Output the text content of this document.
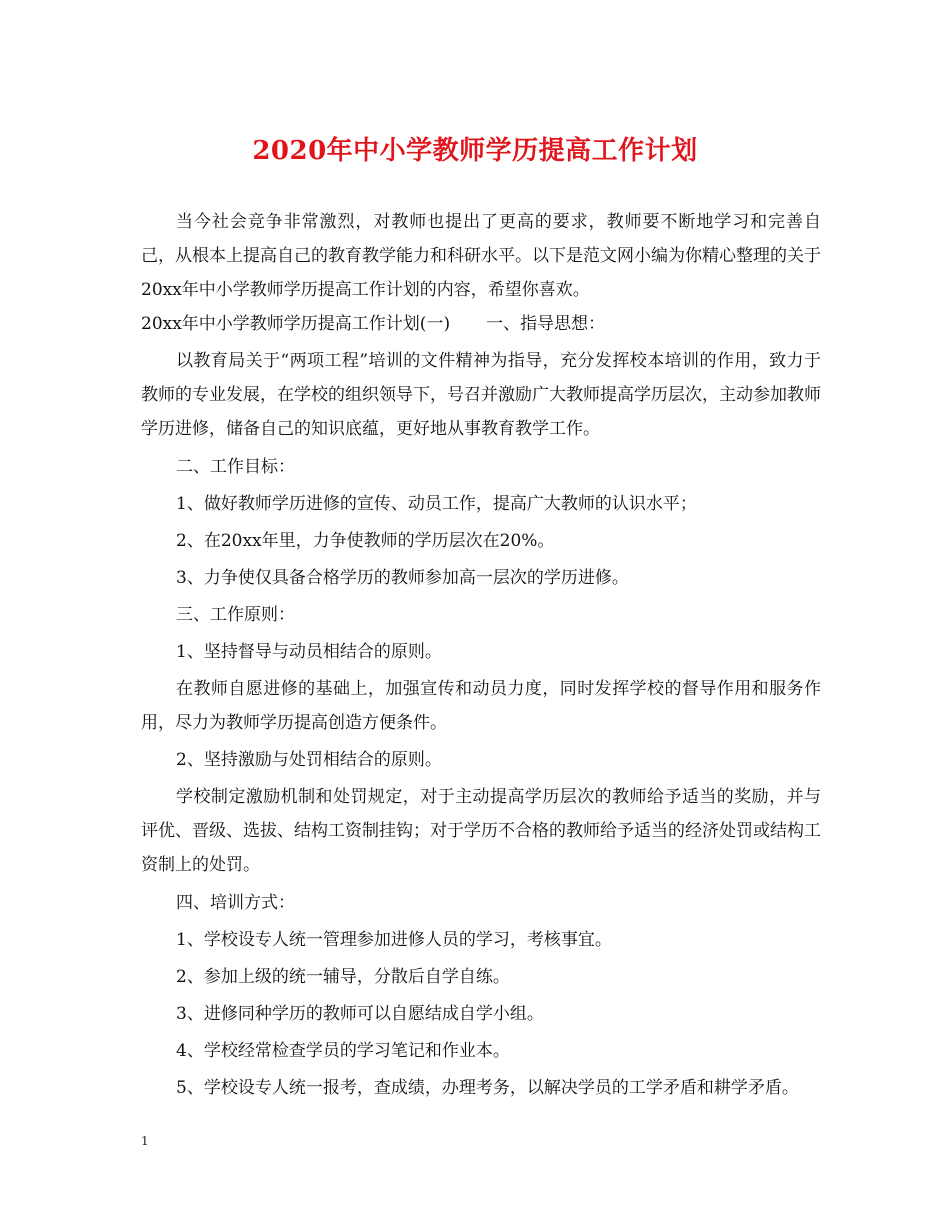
2020年中小学教师学历提高工作计划
当今社会竞争非常激烈，对教师也提出了更高的要求，教师要不断地学习和完善自己，从根本上提高自己的教育教学能力和科研水平。以下是范文网小编为你精心整理的关于20xx年中小学教师学历提高工作计划的内容，希望你喜欢。
20xx年中小学教师学历提高工作计划(一) 一、指导思想：
以教育局关于“两项工程”培训的文件精神为指导，充分发挥校本培训的作用，致力于教师的专业发展，在学校的组织领导下，号召并激励广大教师提高学历层次，主动参加教师学历进修，储备自己的知识底蕴，更好地从事教育教学工作。
二、工作目标：
1、做好教师学历进修的宣传、动员工作，提高广大教师的认识水平；
2、在20xx年里，力争使教师的学历层次在20%。
3、力争使仅具备合格学历的教师参加高一层次的学历进修。
三、工作原则：
1、坚持督导与动员相结合的原则。
在教师自愿进修的基础上，加强宣传和动员力度，同时发挥学校的督导作用和服务作用，尽力为教师学历提高创造方便条件。
2、坚持激励与处罚相结合的原则。
学校制定激励机制和处罚规定，对于主动提高学历层次的教师给予适当的奖励，并与评优、晋级、选拔、结构工资制挂钩；对于学历不合格的教师给予适当的经济处罚或结构工资制上的处罚。
四、培训方式：
1、学校设专人统一管理参加进修人员的学习，考核事宜。
2、参加上级的统一辅导，分散后自学自练。
3、进修同种学历的教师可以自愿结成自学小组。
4、学校经常检查学员的学习笔记和作业本。
5、学校设专人统一报考，查成绩，办理考务，以解决学员的工学矛盾和耕学矛盾。
1
